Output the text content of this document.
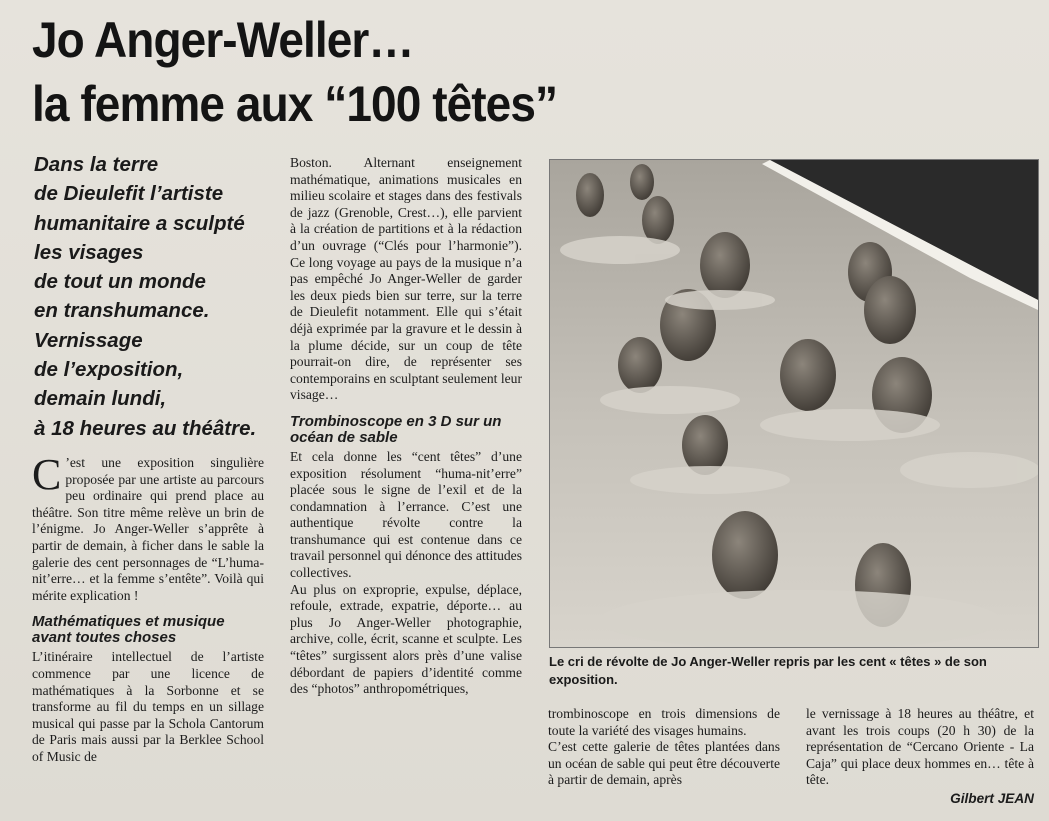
Jo Anger-Weller…
la femme aux “100 têtes”
Dans la terre
de Dieulefit l’artiste
humanitaire a sculpté
les visages
de tout un monde
en transhumance.
Vernissage
de l’exposition,
demain lundi,
à 18 heures au théâtre.

C ’est une exposition singulière proposée par une artiste au parcours peu ordinaire qui prend place au théâtre. Son titre même relève un brin de l’énigme. Jo Anger-Weller s’apprête à partir de demain, à ficher dans le sable la galerie des cent personnages de “L’huma-nit’erre… et la femme s’entête”. Voilà qui mérite explication !

Mathématiques et musique avant toutes choses

L’itinéraire intellectuel de l’artiste commence par une licence de mathématiques à la Sorbonne et se transforme au fil du temps en un sillage musical qui passe par la Schola Cantorum de Paris mais aussi par la Berklee School of Music de

Boston. Alternant enseignement mathématique, animations musicales en milieu scolaire et stages dans des festivals de jazz (Grenoble, Crest…), elle parvient à la création de partitions et à la rédaction d’un ouvrage (“Clés pour l’harmonie”). Ce long voyage au pays de la musique n’a pas empêché Jo Anger-Weller de garder les deux pieds bien sur terre, sur la terre de Dieulefit notamment. Elle qui s’était déjà exprimée par la gravure et le dessin à la plume décide, sur un coup de tête pourrait-on dire, de représenter ses contemporains en sculptant seulement leur visage…

Trombinoscope en 3 D sur un océan de sable

Et cela donne les “cent têtes” d’une exposition résolument “huma-nit’erre” placée sous le signe de l’exil et de la condamnation à l’errance. C’est une authentique révolte contre la transhumance qui est contenue dans ce travail personnel qui dénonce des attitudes collectives.

Au plus on exproprie, expulse, déplace, refoule, extrade, expatrie, déporte… au plus Jo Anger-Weller photographie, archive, colle, écrit, scanne et sculpte. Les “têtes” surgissent alors près d’une valise débordant de papiers d’identité comme des “photos” anthropométriques,

Le cri de révolte de Jo Anger-Weller repris par les cent « têtes » de son exposition.

trombinoscope en trois dimensions de toute la variété des visages humains.

C’est cette galerie de têtes plantées dans un océan de sable qui peut être découverte à partir de demain, après

le vernissage à 18 heures au théâtre, et avant les trois coups (20 h 30) de la représentation de “Cercano Oriente - La Caja” qui place deux hommes en… tête à tête.

Gilbert JEAN
